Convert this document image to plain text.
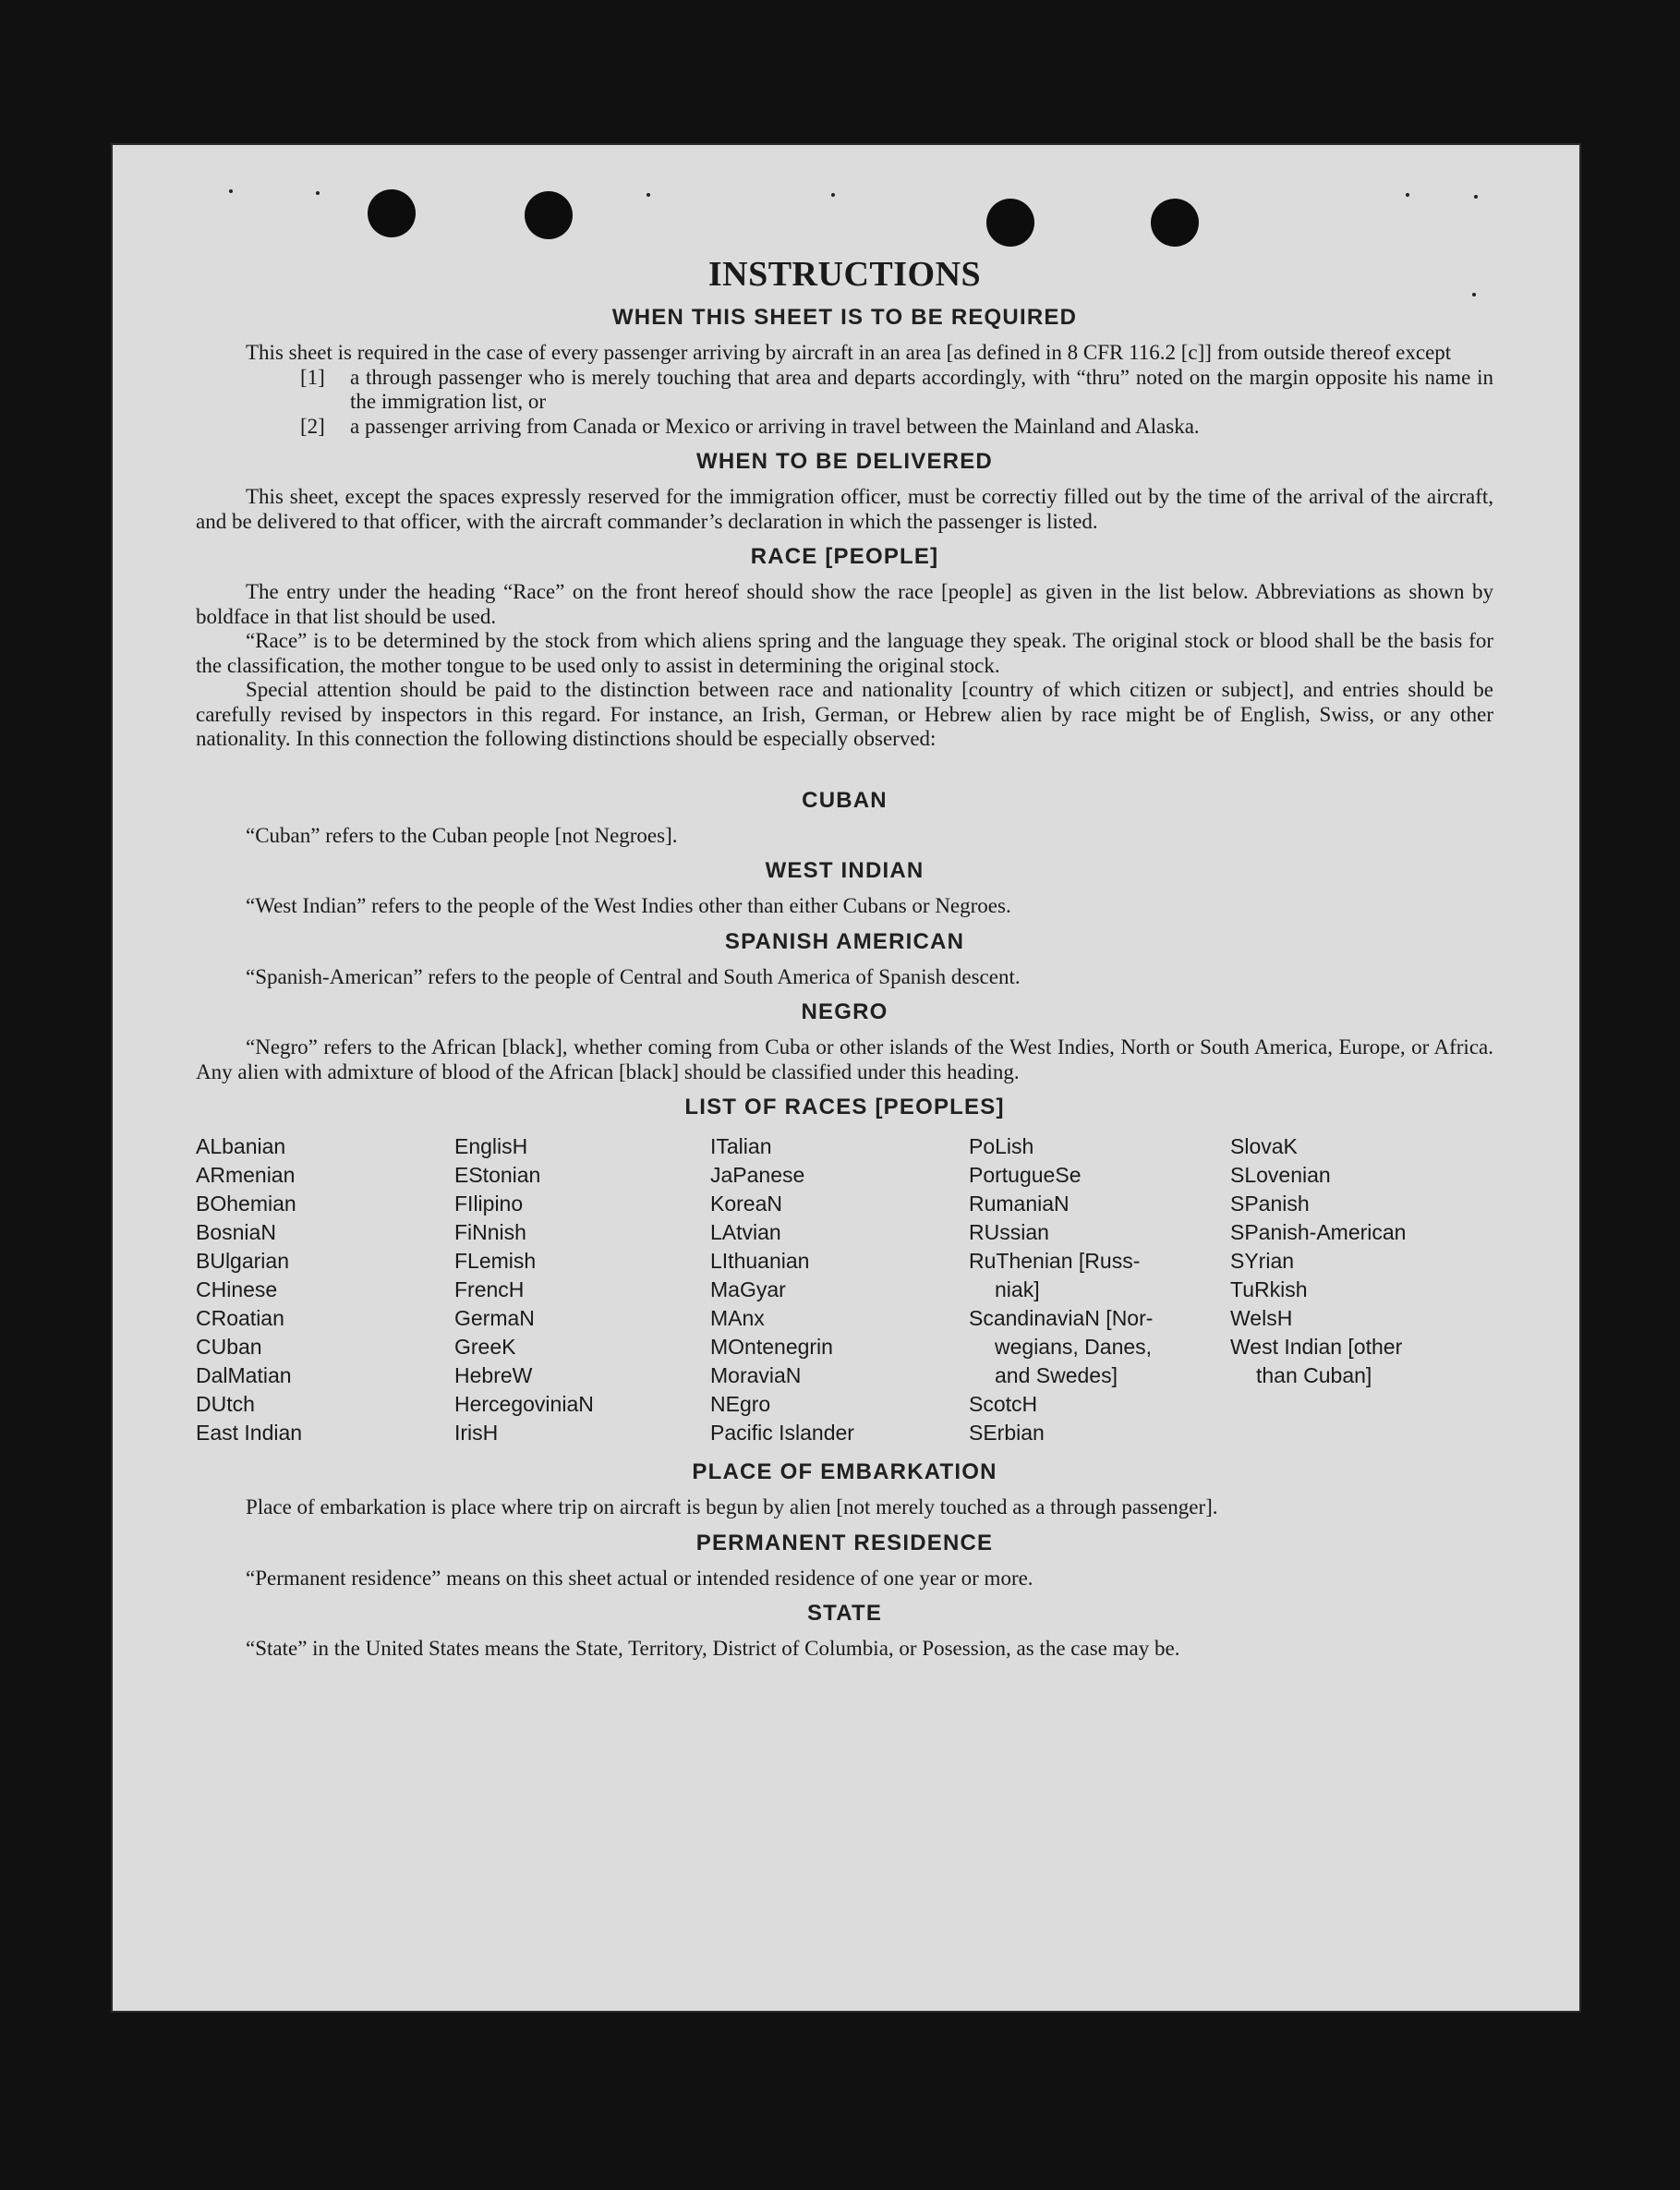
INSTRUCTIONS
WHEN THIS SHEET IS TO BE REQUIRED

This sheet is required in the case of every passenger arriving by aircraft in an area [as defined in 8 CFR 116.2 [c]] from outside thereof except

[1]	a through passenger who is merely touching that area and departs accordingly, with “thru” noted on the margin opposite his name in the immigration list, or
[2]	a passenger arriving from Canada or Mexico or arriving in travel between the Mainland and Alaska.
WHEN TO BE DELIVERED

This sheet, except the spaces expressly reserved for the immigration officer, must be correctiy filled out by the time of the arrival of the aircraft, and be delivered to that officer, with the aircraft commander’s declaration in which the passenger is listed.

RACE [PEOPLE]

The entry under the heading “Race” on the front hereof should show the race [people] as given in the list below. Abbreviations as shown by boldface in that list should be used.

“Race” is to be determined by the stock from which aliens spring and the language they speak. The original stock or blood shall be the basis for the classification, the mother tongue to be used only to assist in determining the original stock.

Special attention should be paid to the distinction between race and nationality [country of which citizen or subject], and entries should be carefully revised by inspectors in this regard. For instance, an Irish, German, or Hebrew alien by race might be of English, Swiss, or any other nationality. In this connection the following distinctions should be especially observed:

CUBAN

“Cuban” refers to the Cuban people [not Negroes].

WEST INDIAN

“West Indian” refers to the people of the West Indies other than either Cubans or Negroes.

SPANISH AMERICAN

“Spanish-American” refers to the people of Central and South America of Spanish descent.

NEGRO

“Negro” refers to the African [black], whether coming from Cuba or other islands of the West Indies, North or South America, Europe, or Africa. Any alien with admixture of blood of the African [black] should be classified under this heading.

LIST OF RACES [PEOPLES]
ALbanian
ARmenian
BOhemian
BosniaN
BUlgarian
CHinese
CRoatian
CUban
DalMatian
DUtch
East Indian
EnglisH
EStonian
FIlipino
FiNnish
FLemish
FrencH
GermaN
GreeK
HebreW
HercegoviniaN
IrisH
ITalian
JaPanese
KoreaN
LAtvian
LIthuanian
MaGyar
MAnx
MOntenegrin
MoraviaN
NEgro
Pacific Islander
PoLish
PortugueSe
RumaniaN
RUssian
RuThenian [Russ-
niak]
ScandinaviaN [Nor-
wegians, Danes,
and Swedes]
ScotcH
SErbian
SlovaK
SLovenian
SPanish
SPanish-American
SYrian
TuRkish
WelsH
West Indian [other
than Cuban]
PLACE OF EMBARKATION

Place of embarkation is place where trip on aircraft is begun by alien [not merely touched as a through passenger].

PERMANENT RESIDENCE

“Permanent residence” means on this sheet actual or intended residence of one year or more.

STATE

“State” in the United States means the State, Territory, District of Columbia, or Posession, as the case may be.
